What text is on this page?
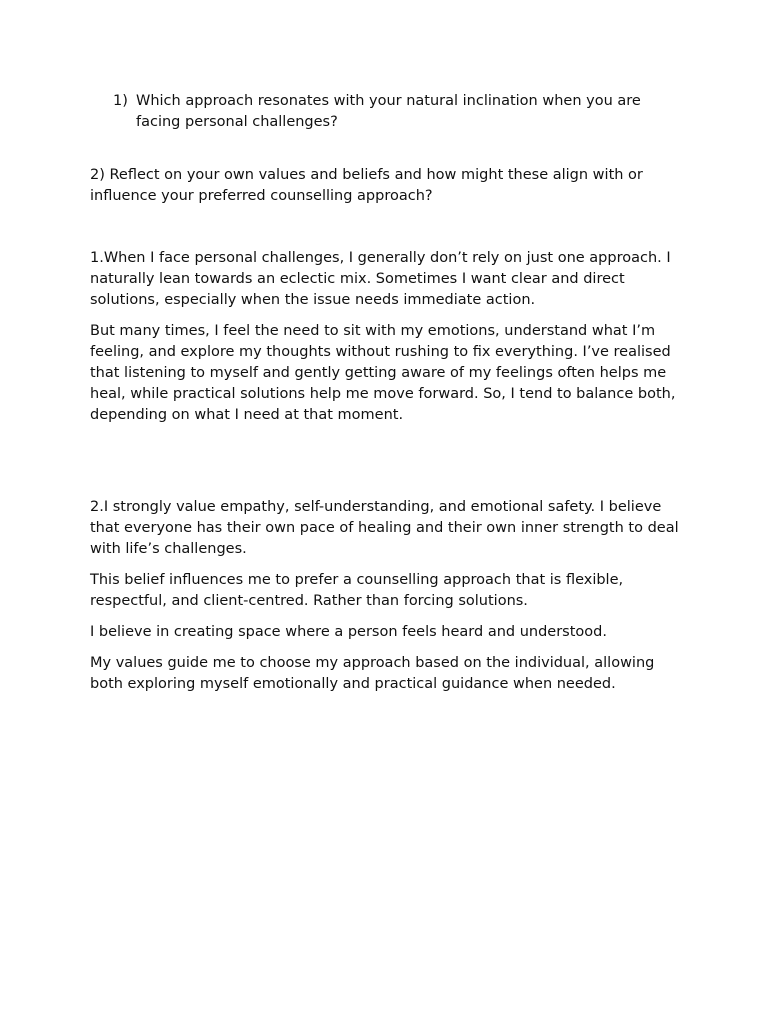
1) Which approach resonates with your natural inclination when you are facing personal challenges?

2) Reflect on your own values and beliefs and how might these align with or influence your preferred counselling approach?

1.When I face personal challenges, I generally don’t rely on just one approach. I naturally lean towards an eclectic mix. Sometimes I want clear and direct solutions, especially when the issue needs immediate action.

But many times, I feel the need to sit with my emotions, understand what I’m feeling, and explore my thoughts without rushing to fix everything. I’ve realised that listening to myself and gently getting aware of my feelings often helps me heal, while practical solutions help me move forward. So, I tend to balance both, depending on what I need at that moment.

2.I strongly value empathy, self-understanding, and emotional safety. I believe that everyone has their own pace of healing and their own inner strength to deal with life’s challenges.

This belief influences me to prefer a counselling approach that is flexible, respectful, and client-centred. Rather than forcing solutions.

I believe in creating space where a person feels heard and understood.

My values guide me to choose my approach based on the individual, allowing both exploring myself emotionally and practical guidance when needed.
